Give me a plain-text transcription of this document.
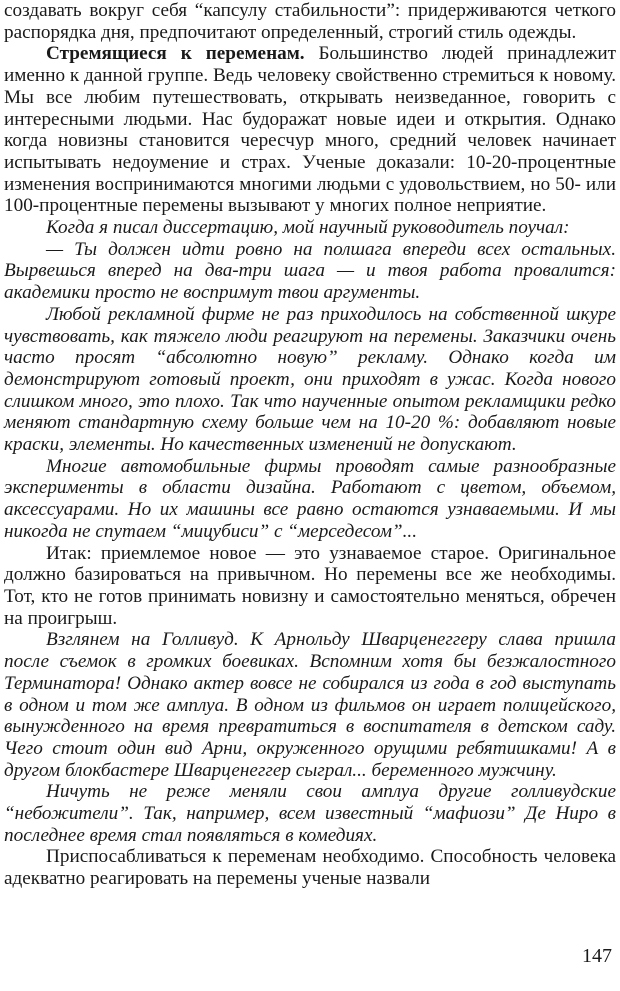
создавать вокруг себя “капсулу стабильности”: придерживаются четкого распорядка дня, предпочитают определенный, строгий стиль одежды.

Стремящиеся к переменам. Большинство людей принадлежит именно к данной группе. Ведь человеку свойственно стремиться к новому. Мы все любим путешествовать, открывать неизведанное, говорить с интересными людьми. Нас будоражат новые идеи и открытия. Однако когда новизны становится чересчур много, средний человек начинает испытывать недоумение и страх. Ученые доказали: 10-20-процентные изменения воспринимаются многими людьми с удовольствием, но 50- или 100-процентные перемены вызывают у многих полное неприятие.

Когда я писал диссертацию, мой научный руководитель поучал:

— Ты должен идти ровно на полшага впереди всех остальных. Вырвешься вперед на два-три шага — и твоя работа провалится: академики просто не воспримут твои аргументы.

Любой рекламной фирме не раз приходилось на собственной шкуре чувствовать, как тяжело люди реагируют на перемены. Заказчики очень часто просят “абсолютно новую” рекламу. Однако когда им демонстрируют готовый проект, они приходят в ужас. Когда нового слишком много, это плохо. Так что наученные опытом рекламщики редко меняют стандартную схему больше чем на 10-20 %: добавляют новые краски, элементы. Но качественных изменений не допускают.

Многие автомобильные фирмы проводят самые разнообразные эксперименты в области дизайна. Работают с цветом, объемом, аксессуарами. Но их машины все равно остаются узнаваемыми. И мы никогда не спутаем “мицубиси” с “мерседесом”...

Итак: приемлемое новое — это узнаваемое старое. Оригинальное должно базироваться на привычном. Но перемены все же необходимы. Тот, кто не готов принимать новизну и самостоятельно меняться, обречен на проигрыш.

Взглянем на Голливуд. К Арнольду Шварценеггеру слава пришла после съемок в громких боевиках. Вспомним хотя бы безжалостного Терминатора! Однако актер вовсе не собирался из года в год выступать в одном и том же амплуа. В одном из фильмов он играет полицейского, вынужденного на время превратиться в воспитателя в детском саду. Чего стоит один вид Арни, окруженного орущими ребятишками! А в другом блокбастере Шварценеггер сыграл... беременного мужчину.

Ничуть не реже меняли свои амплуа другие голливудские “небожители”. Так, например, всем известный “мафиози” Де Ниро в последнее время стал появляться в комедиях.

Приспосабливаться к переменам необходимо. Способность человека адекватно реагировать на перемены ученые назвали

147
